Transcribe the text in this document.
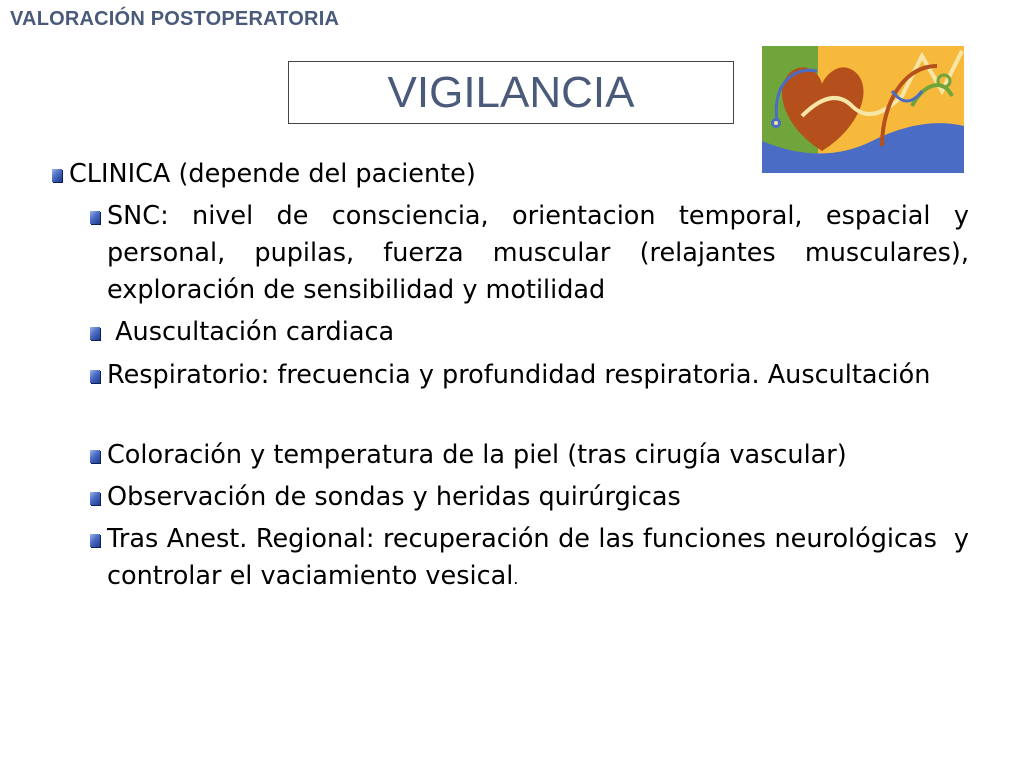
VALORACIÓN POSTOPERATORIA
VIGILANCIA
CLINICA (depende del paciente)
SNC: nivel de consciencia, orientacion temporal, espacial y personal, pupilas, fuerza muscular (relajantes musculares), exploración de sensibilidad y motilidad
Auscultación cardiaca
Respiratorio: frecuencia y profundidad respiratoria. Auscultación
Coloración y temperatura de la piel (tras cirugía vascular)
Observación de sondas y heridas quirúrgicas
Tras Anest. Regional: recuperación de las funciones neurológicas  y controlar el vaciamiento vesical.
